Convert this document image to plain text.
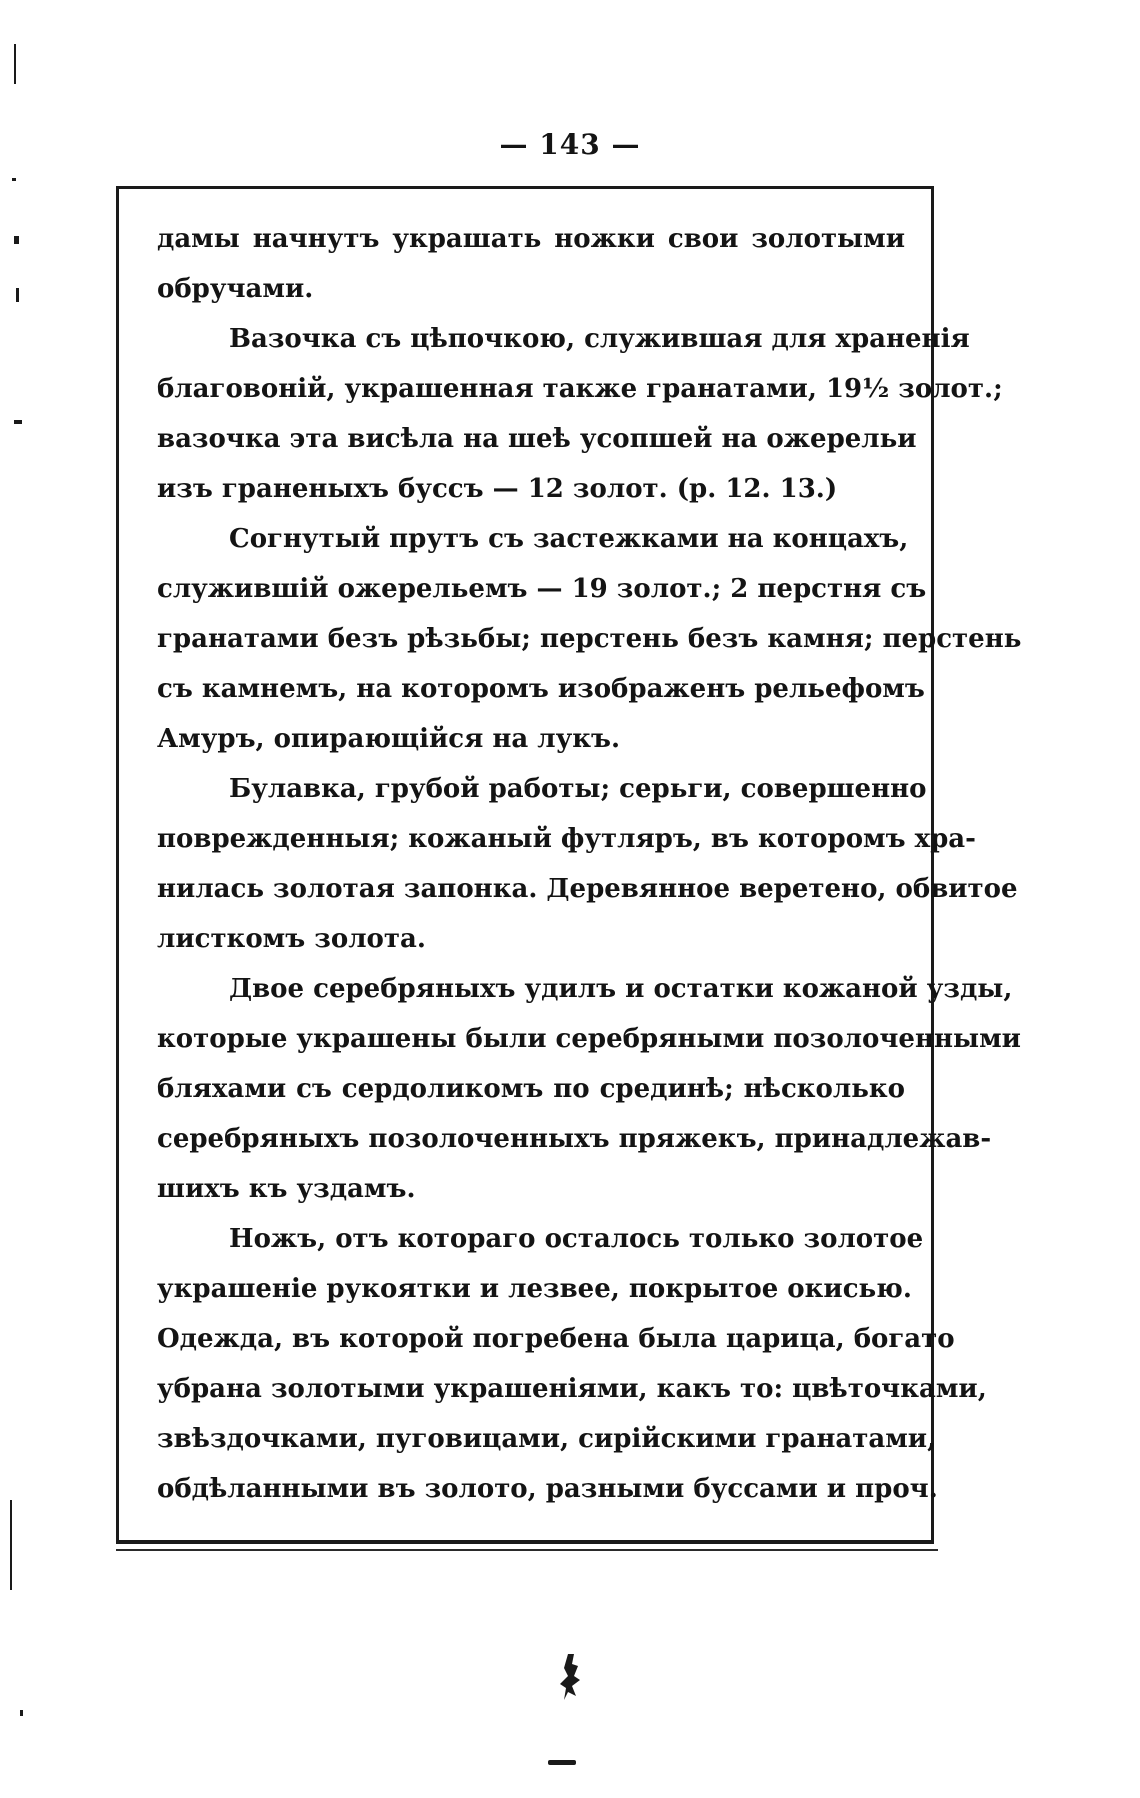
— 143 —
дамы начнутъ украшать ножки свои золотыми
обручами.
Вазочка съ цѣпочкою, служившая для храненія
благовоній, украшенная также гранатами, 19½ золот.;
вазочка эта висѣла на шеѣ усопшей на ожерельи
изъ граненыхъ буссъ — 12 золот. (р. 12. 13.)
Согнутый прутъ съ застежками на концахъ,
служившій ожерельемъ — 19 золот.; 2 перстня съ
гранатами безъ рѣзьбы; перстень безъ камня; перстень
съ камнемъ, на которомъ изображенъ рельефомъ
Амуръ, опирающійся на лукъ.
Булавка, грубой работы; серьги, совершенно
поврежденныя; кожаный футляръ, въ которомъ хра-
нилась золотая запонка. Деревянное веретено, обвитое
листкомъ золота.
Двое серебряныхъ удилъ и остатки кожаной узды,
которые украшены были серебряными позолоченными
бляхами съ сердоликомъ по срединѣ; нѣсколько
серебряныхъ позолоченныхъ пряжекъ, принадлежав-
шихъ къ уздамъ.
Ножъ, отъ котораго осталось только золотое
украшеніе рукоятки и лезвее, покрытое окисью.
Одежда, въ которой погребена была царица, богато
убрана золотыми украшеніями, какъ то: цвѣточками,
звѣздочками, пуговицами, сирійскими гранатами,
обдѣланными въ золото, разными буссами и проч.
